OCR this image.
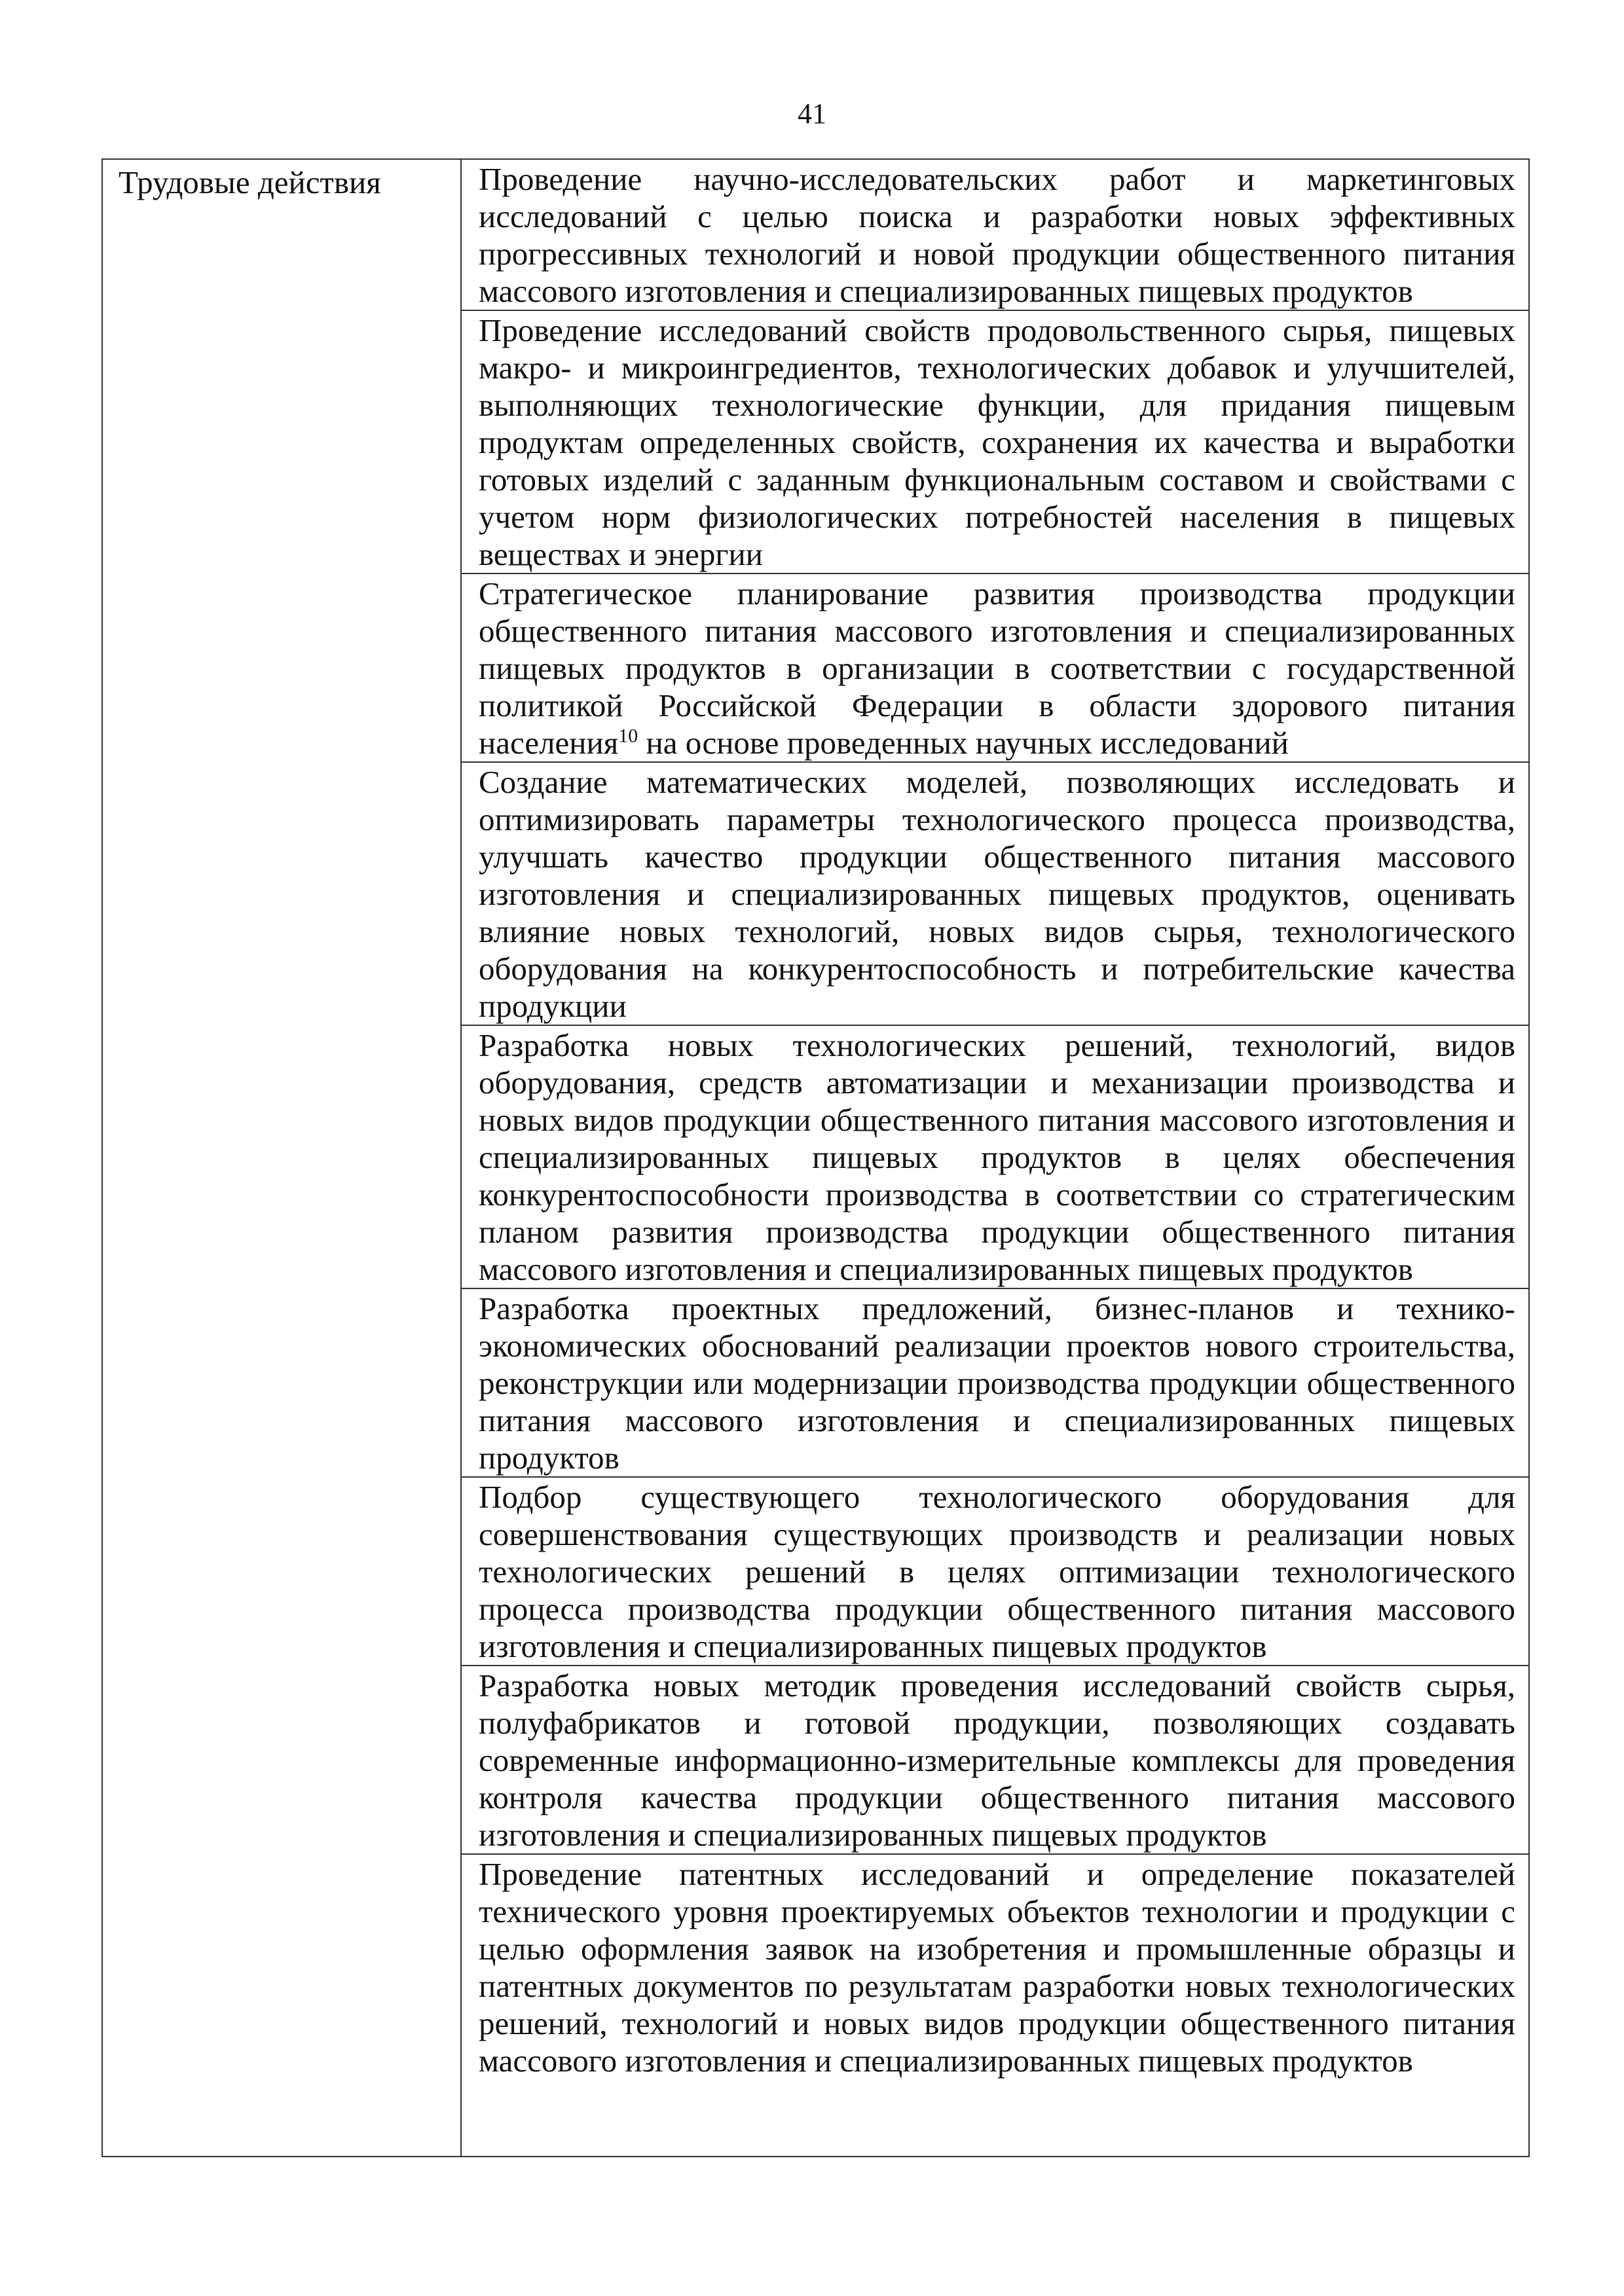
41
Трудовые действия	Проведение научно-исследовательских работ и маркетинговых исследований с целью поиска и разработки новых эффективных прогрессивных технологий и новой продукции общественного питания массового изготовления и специализированных пищевых продуктов
Проведение исследований свойств продовольственного сырья, пищевых макро- и микроингредиентов, технологических добавок и улучшителей, выполняющих технологические функции, для придания пищевым продуктам определенных свойств, сохранения их качества и выработки готовых изделий с заданным функциональным составом и свойствами с учетом норм физиологических потребностей населения в пищевых веществах и энергии
Стратегическое планирование развития производства продукции общественного питания массового изготовления и специализированных пищевых продуктов в организации в соответствии с государственной политикой Российской Федерации в области здорового питания населения$^{10}$ на основе проведенных научных исследований
Создание математических моделей, позволяющих исследовать и оптимизировать параметры технологического процесса производства, улучшать качество продукции общественного питания массового изготовления и специализированных пищевых продуктов, оценивать влияние новых технологий, новых видов сырья, технологического оборудования на конкурентоспособность и потребительские качества продукции
Разработка новых технологических решений, технологий, видов оборудования, средств автоматизации и механизации производства и новых видов продукции общественного питания массового изготовления и специализированных пищевых продуктов в целях обеспечения конкурентоспособности производства в соответствии со стратегическим планом развития производства продукции общественного питания массового изготовления и специализированных пищевых продуктов
Разработка проектных предложений, бизнес-планов и технико-экономических обоснований реализации проектов нового строительства, реконструкции или модернизации производства продукции общественного питания массового изготовления и специализированных пищевых продуктов
Подбор существующего технологического оборудования для совершенствования существующих производств и реализации новых технологических решений в целях оптимизации технологического процесса производства продукции общественного питания массового изготовления и специализированных пищевых продуктов
Разработка новых методик проведения исследований свойств сырья, полуфабрикатов и готовой продукции, позволяющих создавать современные информационно-измерительные комплексы для проведения контроля качества продукции общественного питания массового изготовления и специализированных пищевых продуктов
Проведение патентных исследований и определение показателей технического уровня проектируемых объектов технологии и продукции с целью оформления заявок на изобретения и промышленные образцы и патентных документов по результатам разработки новых технологических решений, технологий и новых видов продукции общественного питания массового изготовления и специализированных пищевых продуктов
